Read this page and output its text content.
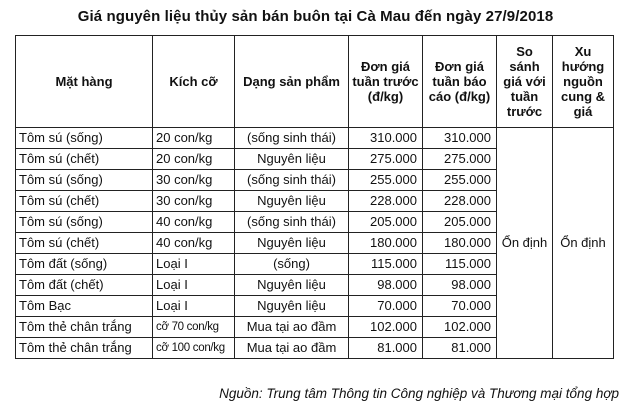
Giá nguyên liệu thủy sản bán buôn tại Cà Mau đến ngày 27/9/2018
Mặt hàng	Kích cỡ	Dạng sản phẩm	Đơn giá tuần trước (đ/kg)	Đơn giá tuần báo cáo (đ/kg)	So sánh giá với tuần trước	Xu hướng nguồn cung & giá
Tôm sú (sống)	20 con/kg	(sống sinh thái)	310.000	310.000	Ổn định	Ổn định
Tôm sú (chết)	20 con/kg	Nguyên liệu	275.000	275.000		
Tôm sú (sống)	30 con/kg	(sống sinh thái)	255.000	255.000		
Tôm sú (chết)	30 con/kg	Nguyên liệu	228.000	228.000		
Tôm sú (sống)	40 con/kg	(sống sinh thái)	205.000	205.000		
Tôm sú (chết)	40 con/kg	Nguyên liệu	180.000	180.000		
Tôm đất (sống)	Loại I	(sống)	115.000	115.000		
Tôm đất (chết)	Loại I	Nguyên liệu	98.000	98.000		
Tôm Bạc	Loại I	Nguyên liệu	70.000	70.000		
Tôm thẻ chân trắng	cỡ 70 con/kg	Mua tại ao đầm	102.000	102.000		
Tôm thẻ chân trắng	cỡ 100 con/kg	Mua tại ao đầm	81.000	81.000		
Nguồn: Trung tâm Thông tin Công nghiệp và Thương mại tổng hợp
